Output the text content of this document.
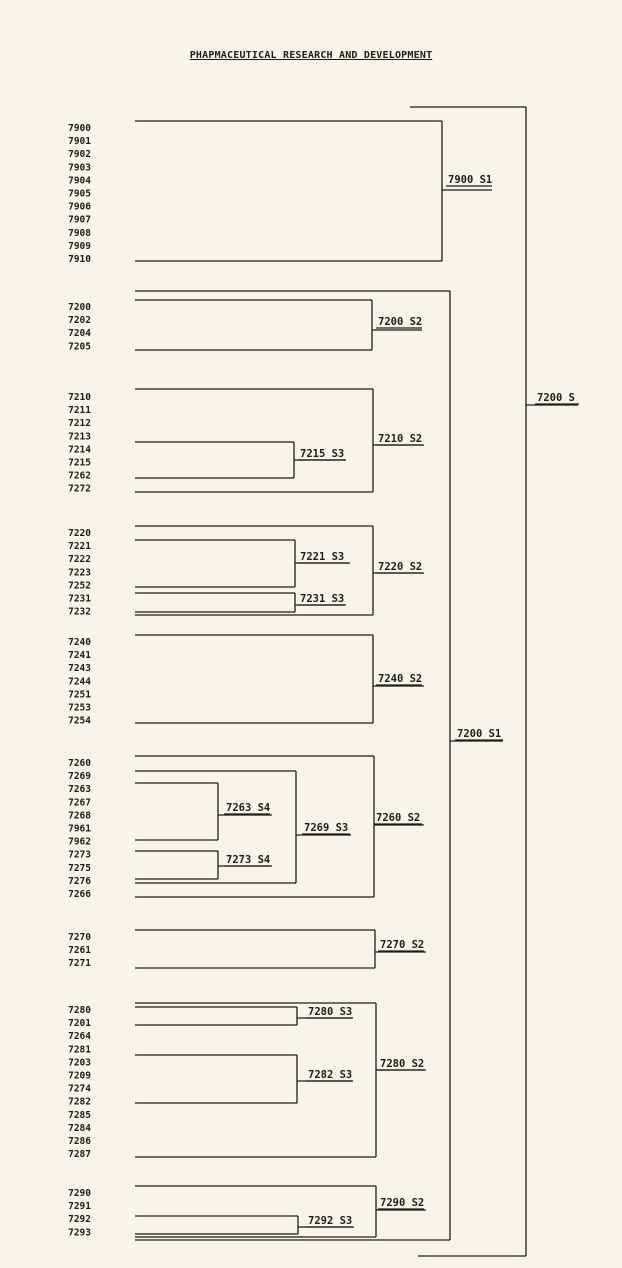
PHAPMACEUTICAL RESEARCH AND DEVELOPMENT
7900
7901
7902
7903
7904
7905
7906
7907
7908
7909
7910
7900 S1
7200
7202
7204
7205
7200 S2
7210
7211
7212
7213
7214
7215
7262
7272
7215 S3
7210 S2
7220
7221
7222
7223
7252
7231
7232
7221 S3
7231 S3
7220 S2
7240
7241
7243
7244
7251
7253
7254
7240 S2
7260
7269
7263
7267
7268
7961
7962
7273
7275
7276
7266
7269 S3
7263 S4
7273 S4
7260 S2
7270
7261
7271
7270 S2
7280
7201
7264
7281
7203
7209
7274
7282
7285
7284
7286
7287
7280 S3
7282 S3
7280 S2
7290
7291
7292
7293
7292 S3
7290 S2
7200 S1
7200 S
